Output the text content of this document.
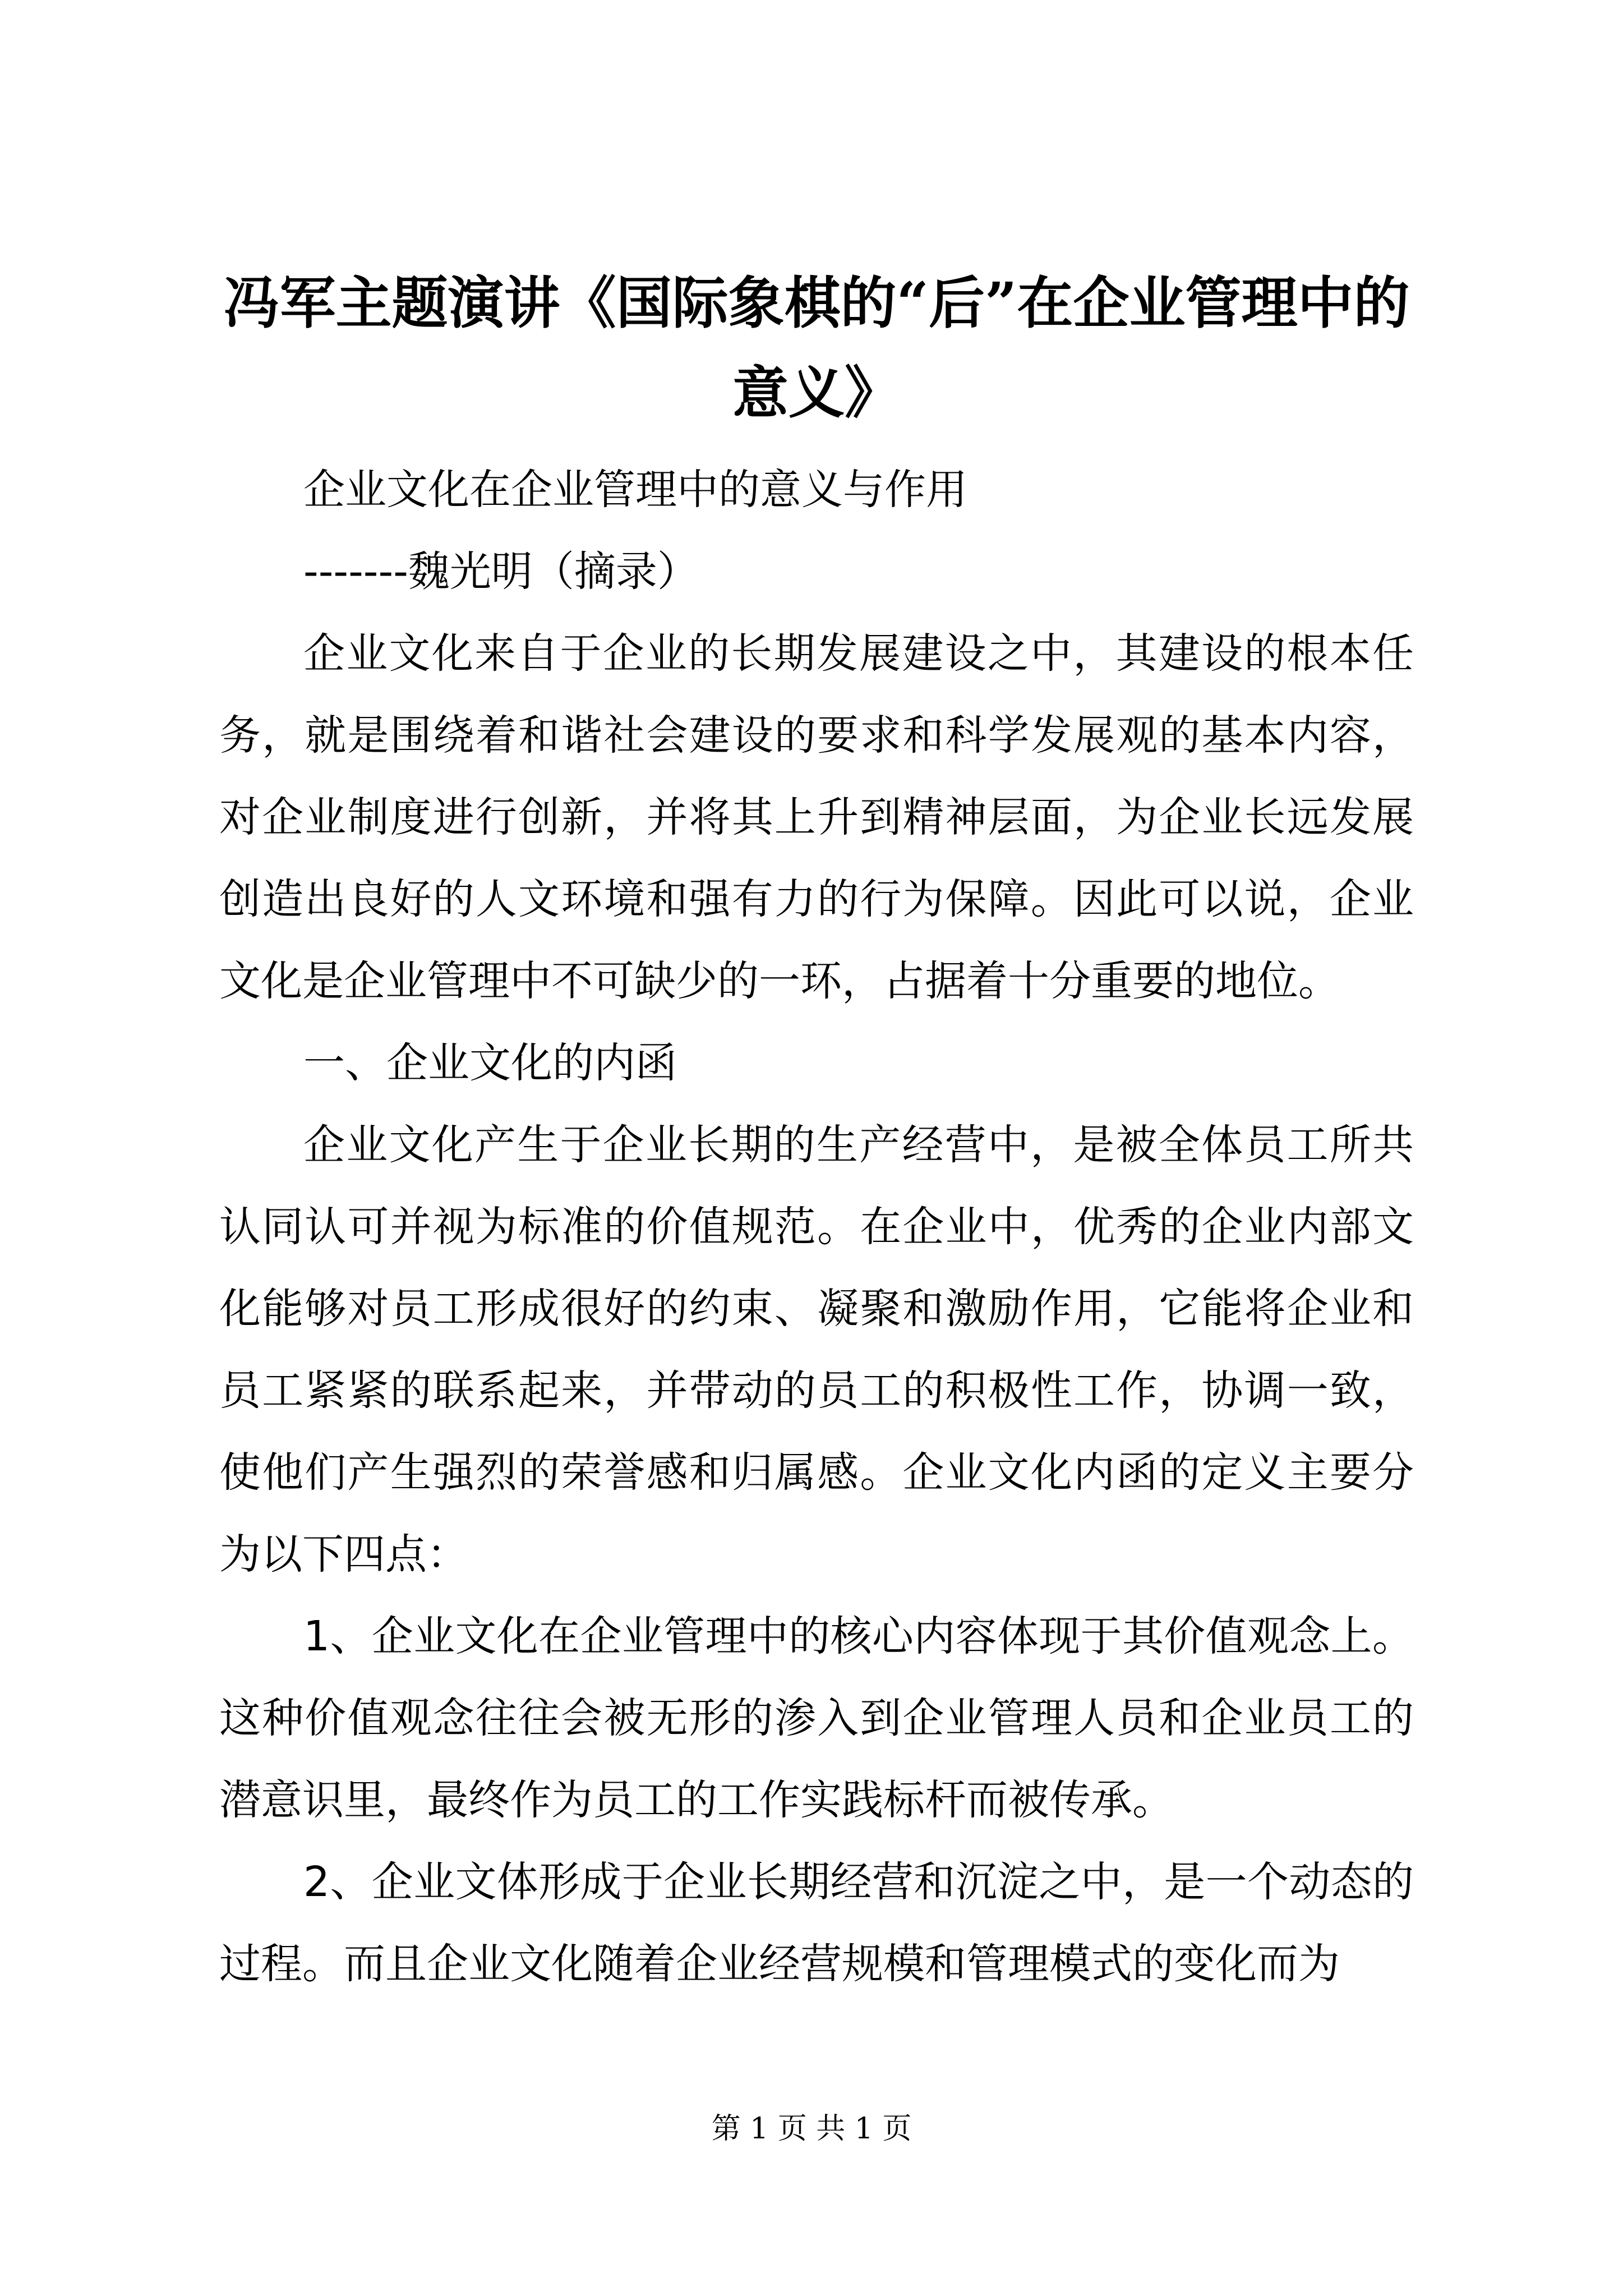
冯军主题演讲《国际象棋的“后”在企业管理中的意义》

企业文化在企业管理中的意义与作用

-------魏光明（摘录）

企业文化来自于企业的长期发展建设之中，其建设的根本任务，就是围绕着和谐社会建设的要求和科学发展观的基本内容，对企业制度进行创新，并将其上升到精神层面，为企业长远发展创造出良好的人文环境和强有力的行为保障。因此可以说，企业文化是企业管理中不可缺少的一环，占据着十分重要的地位。

一、企业文化的内函

企业文化产生于企业长期的生产经营中，是被全体员工所共认同认可并视为标准的价值规范。在企业中，优秀的企业内部文化能够对员工形成很好的约束、凝聚和激励作用，它能将企业和员工紧紧的联系起来，并带动的员工的积极性工作，协调一致，使他们产生强烈的荣誉感和归属感。企业文化内函的定义主要分为以下四点：

1、企业文化在企业管理中的核心内容体现于其价值观念上。这种价值观念往往会被无形的渗入到企业管理人员和企业员工的潜意识里，最终作为员工的工作实践标杆而被传承。

2、企业文体形成于企业长期经营和沉淀之中，是一个动态的过程。而且企业文化随着企业经营规模和管理模式的变化而为

第 1 页 共 1 页
